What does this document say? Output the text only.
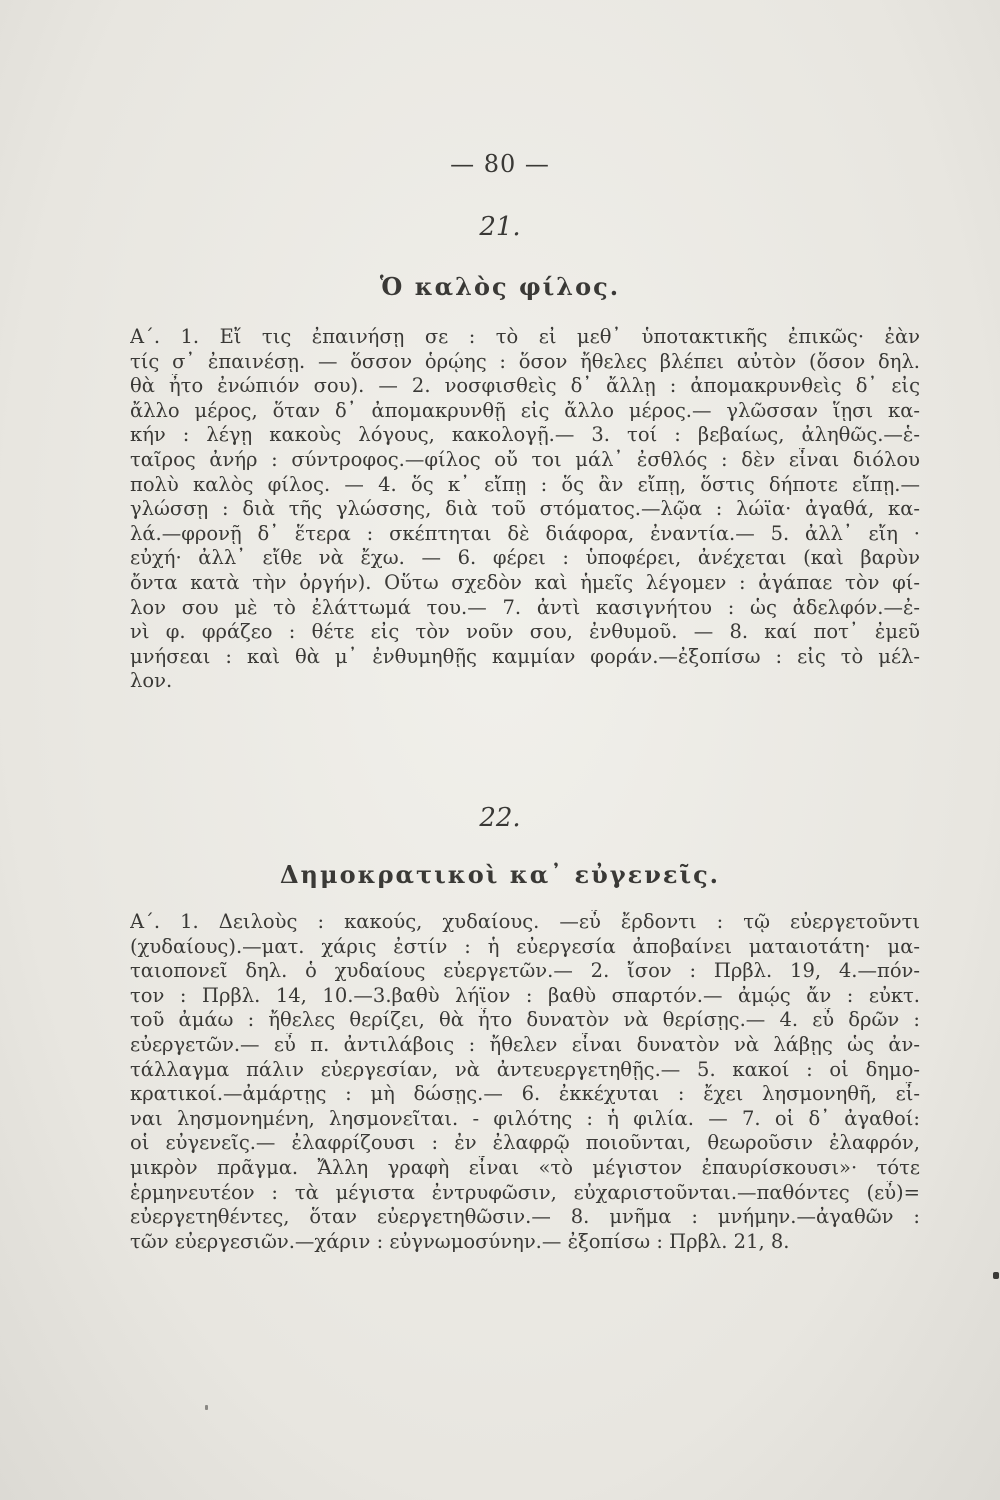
— 80 —
21.
Ὁ καλὸς φίλος.
Α΄. 1. Εἴ τις ἐπαινήσῃ σε : τὸ εἰ μεθ᾽ ὑποτακτικῆς ἐπικῶς· ἐὰν
τίς σ᾽ ἐπαινέσῃ. — ὅσσον ὁρῴης : ὅσον ἤθελες βλέπει αὐτὸν (ὅσον δηλ.
θὰ ἦτο ἐνώπιόν σου). — 2. νοσφισθεὶς δ᾽ ἄλλῃ : ἀπομακρυνθεὶς δ᾽ εἰς
ἄλλο μέρος, ὅταν δ᾽ ἀπομακρυνθῇ εἰς ἄλλο μέρος.— γλῶσσαν ἵῃσι κα-
κήν : λέγῃ κακοὺς λόγους, κακολογῇ.— 3. τοί : βεβαίως, ἀληθῶς.—ἑ-
ταῖρος ἀνήρ : σύντροφος.—φίλος οὔ τοι μάλ᾽ ἐσθλός : δὲν εἶναι διόλου
πολὺ καλὸς φίλος. — 4. ὅς κ᾽ εἴπῃ : ὅς ἂν εἴπῃ, ὅστις δήποτε εἴπῃ.—
γλώσσῃ : διὰ τῆς γλώσσης, διὰ τοῦ στόματος.—λῷα : λώϊα· ἀγαθά, κα-
λά.—φρονῇ δ᾽ ἕτερα : σκέπτηται δὲ διάφορα, ἐναντία.— 5. ἀλλ᾽ εἴη ·
εὐχή· ἀλλ᾽ εἴθε νὰ ἔχω. — 6. φέρει : ὑποφέρει, ἀνέχεται (καὶ βαρὺν
ὄντα κατὰ τὴν ὀργήν). Οὕτω σχεδὸν καὶ ἡμεῖς λέγομεν : ἀγάπαε τὸν φί-
λον σου μὲ τὸ ἐλάττωμά του.— 7. ἀντὶ κασιγνήτου : ὡς ἀδελφόν.—ἐ-
νὶ φ. φράζεο : θέτε εἰς τὸν νοῦν σου, ἐνθυμοῦ. — 8. καί ποτ᾽ ἐμεῦ
μνήσεαι : καὶ θὰ μ᾽ ἐνθυμηθῇς καμμίαν φοράν.—ἐξοπίσω : εἰς τὸ μέλ-
λον.
22.
Δημοκρατικοὶ κα᾽ εὐγενεῖς.
Α΄. 1. Δειλοὺς : κακούς, χυδαίους. —εὖ ἔρδοντι : τῷ εὐεργετοῦντι
(χυδαίους).—ματ. χάρις ἐστίν : ἡ εὐεργεσία ἀποβαίνει ματαιοτάτη· μα-
ταιοπονεῖ δηλ. ὁ χυδαίους εὐεργετῶν.— 2. ἴσον : Πρβλ. 19, 4.—πόν-
τον : Πρβλ. 14, 10.—3.βαθὺ λήϊον : βαθὺ σπαρτόν.— ἀμῴς ἄν : εὐκτ.
τοῦ ἀμάω : ἤθελες θερίζει, θὰ ἦτο δυνατὸν νὰ θερίσῃς.— 4. εὖ δρῶν :
εὐεργετῶν.— εὖ π. ἀντιλάβοις : ἤθελεν εἶναι δυνατὸν νὰ λάβῃς ὡς ἀν-
τάλλαγμα πάλιν εὐεργεσίαν, νὰ ἀντευεργετηθῇς.— 5. κακοί : οἱ δημο-
κρατικοί.—ἀμάρτῃς : μὴ δώσῃς.— 6. ἐκκέχυται : ἔχει λησμονηθῆ, εἶ-
ναι λησμονημένη, λησμονεῖται. - φιλότης : ἡ φιλία. — 7. οἱ δ᾽ ἀγαθοί:
οἱ εὐγενεῖς.— ἐλαφρίζουσι : ἐν ἐλαφρῷ ποιοῦνται, θεωροῦσιν ἐλαφρόν,
μικρὸν πρᾶγμα. Ἄλλη γραφὴ εἶναι «τὸ μέγιστον ἐπαυρίσκουσι»· τότε
ἑρμηνευτέον : τὰ μέγιστα ἐντρυφῶσιν, εὐχαριστοῦνται.—παθόντες (εὖ)=
εὐεργετηθέντες, ὅταν εὐεργετηθῶσιν.— 8. μνῆμα : μνήμην.—ἀγαθῶν :
τῶν εὐεργεσιῶν.—χάριν : εὐγνωμοσύνην.— ἐξοπίσω : Πρβλ. 21, 8.
